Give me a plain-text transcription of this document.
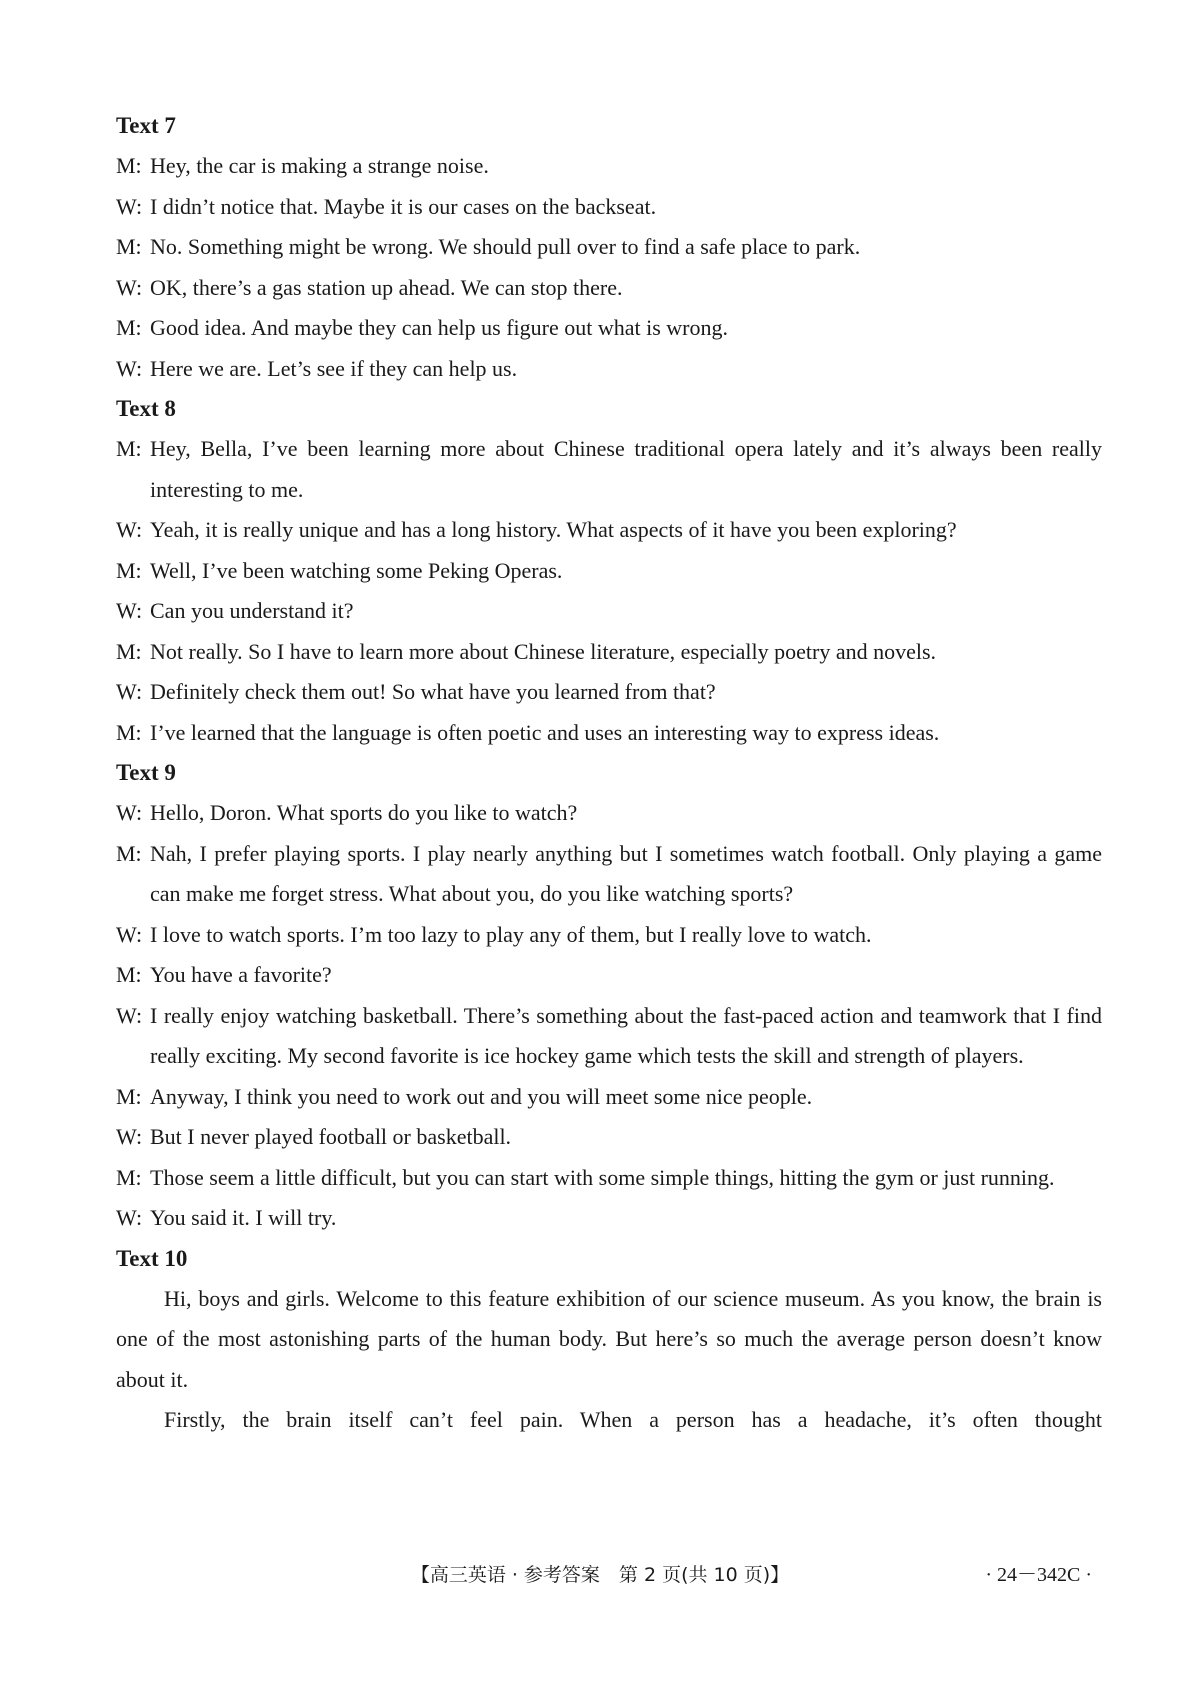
Text 7
M: Hey, the car is making a strange noise.
W: I didn’t notice that. Maybe it is our cases on the backseat.
M: No. Something might be wrong. We should pull over to find a safe place to park.
W: OK, there’s a gas station up ahead. We can stop there.
M: Good idea. And maybe they can help us figure out what is wrong.
W: Here we are. Let’s see if they can help us.
Text 8
M: Hey, Bella, I’ve been learning more about Chinese traditional opera lately and it’s always been really interesting to me.
W: Yeah, it is really unique and has a long history. What aspects of it have you been exploring?
M: Well, I’ve been watching some Peking Operas.
W: Can you understand it?
M: Not really. So I have to learn more about Chinese literature, especially poetry and novels.
W: Definitely check them out! So what have you learned from that?
M: I’ve learned that the language is often poetic and uses an interesting way to express ideas.
Text 9
W: Hello, Doron. What sports do you like to watch?
M: Nah, I prefer playing sports. I play nearly anything but I sometimes watch football. Only playing a game can make me forget stress. What about you, do you like watching sports?
W: I love to watch sports. I’m too lazy to play any of them, but I really love to watch.
M: You have a favorite?
W: I really enjoy watching basketball. There’s something about the fast-paced action and teamwork that I find really exciting. My second favorite is ice hockey game which tests the skill and strength of players.
M: Anyway, I think you need to work out and you will meet some nice people.
W: But I never played football or basketball.
M: Those seem a little difficult, but you can start with some simple things, hitting the gym or just running.
W: You said it. I will try.
Text 10
Hi, boys and girls. Welcome to this feature exhibition of our science museum. As you know, the brain is one of the most astonishing parts of the human body. But here’s so much the average person doesn’t know about it.
Firstly, the brain itself can’t feel pain. When a person has a headache, it’s often thought
【高三英语 · 参考答案　第 2 页(共 10 页)】	· 24－342C ·
